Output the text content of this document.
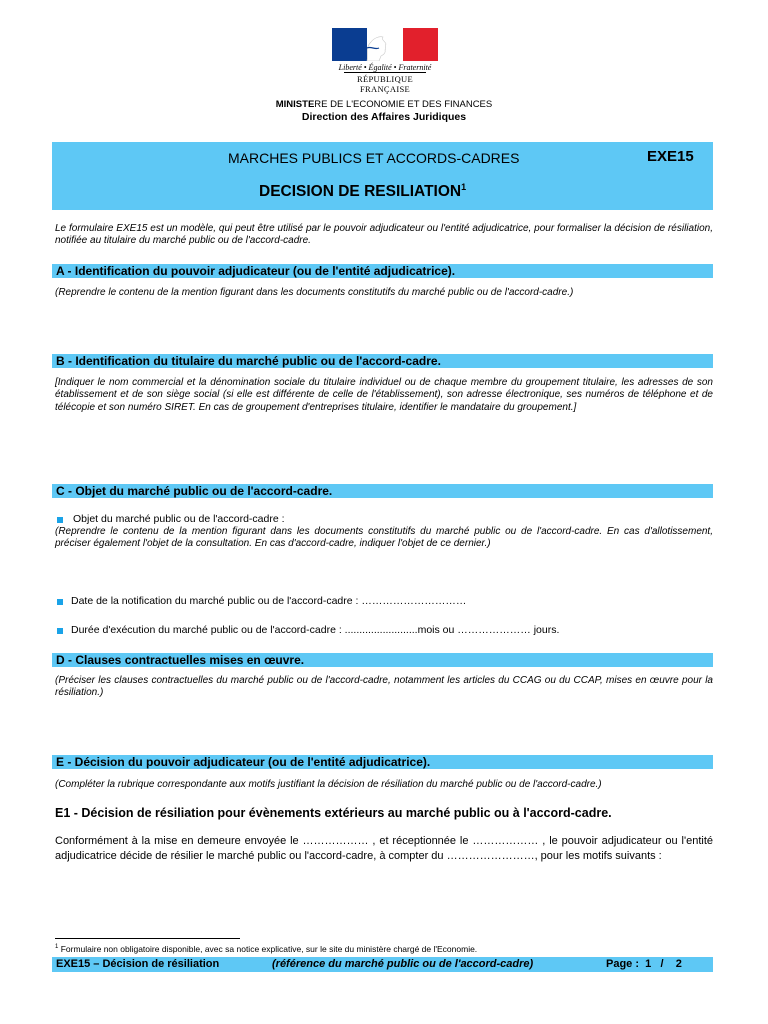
Liberté • Égalité • Fraternité
RÉPUBLIQUE FRANÇAISE
MINISTERE DE L'ECONOMIE ET DES FINANCES
Direction des Affaires Juridiques
MARCHES PUBLICS ET ACCORDS-CADRES	EXE15
DECISION DE RESILIATION$^1$
Le formulaire EXE15 est un modèle, qui peut être utilisé par le pouvoir adjudicateur ou l'entité adjudicatrice, pour formaliser la décision de résiliation, notifiée au titulaire du marché public ou de l'accord-cadre.
A - Identification du pouvoir adjudicateur (ou de l'entité adjudicatrice).
(Reprendre le contenu de la mention figurant dans les documents constitutifs du marché public ou de l'accord-cadre.)
B - Identification du titulaire du marché public ou de l'accord-cadre.
[Indiquer le nom commercial et la dénomination sociale du titulaire individuel ou de chaque membre du groupement titulaire, les adresses de son établissement et de son siège social (si elle est différente de celle de l'établissement), son adresse électronique, ses numéros de téléphone et de télécopie et son numéro SIRET. En cas de groupement d'entreprises titulaire, identifier le mandataire du groupement.]
C - Objet du marché public ou de l'accord-cadre.
Objet du marché public ou de l'accord-cadre :
(Reprendre le contenu de la mention figurant dans les documents constitutifs du marché public ou de l'accord-cadre. En cas d'allotissement, préciser également l'objet de la consultation. En cas d'accord-cadre, indiquer l'objet de ce dernier.)
Date de la notification du marché public ou de l'accord-cadre : …………………………
Durée d'exécution du marché public ou de l'accord-cadre : .........................mois ou ………………… jours.
D - Clauses contractuelles mises en œuvre.
(Préciser les clauses contractuelles du marché public ou de l'accord-cadre, notamment les articles du CCAG ou du CCAP, mises en œuvre pour la résiliation.)
E - Décision du pouvoir adjudicateur (ou de l'entité adjudicatrice).
(Compléter la rubrique correspondante aux motifs justifiant la décision de résiliation du marché public ou de l'accord-cadre.)
E1 - Décision de résiliation pour évènements extérieurs au marché public ou à l'accord-cadre.
Conformément à la mise en demeure envoyée le ……………… , et réceptionnée le ……………… , le pouvoir adjudicateur ou l'entité adjudicatrice décide de résilier le marché public ou l'accord-cadre, à compter du ……………………, pour les motifs suivants :
$^1$ Formulaire non obligatoire disponible, avec sa notice explicative, sur le site du ministère chargé de l'Economie.
EXE15 – Décision de résiliation	(référence du marché public ou de l'accord-cadre)	Page : 1 / 2
